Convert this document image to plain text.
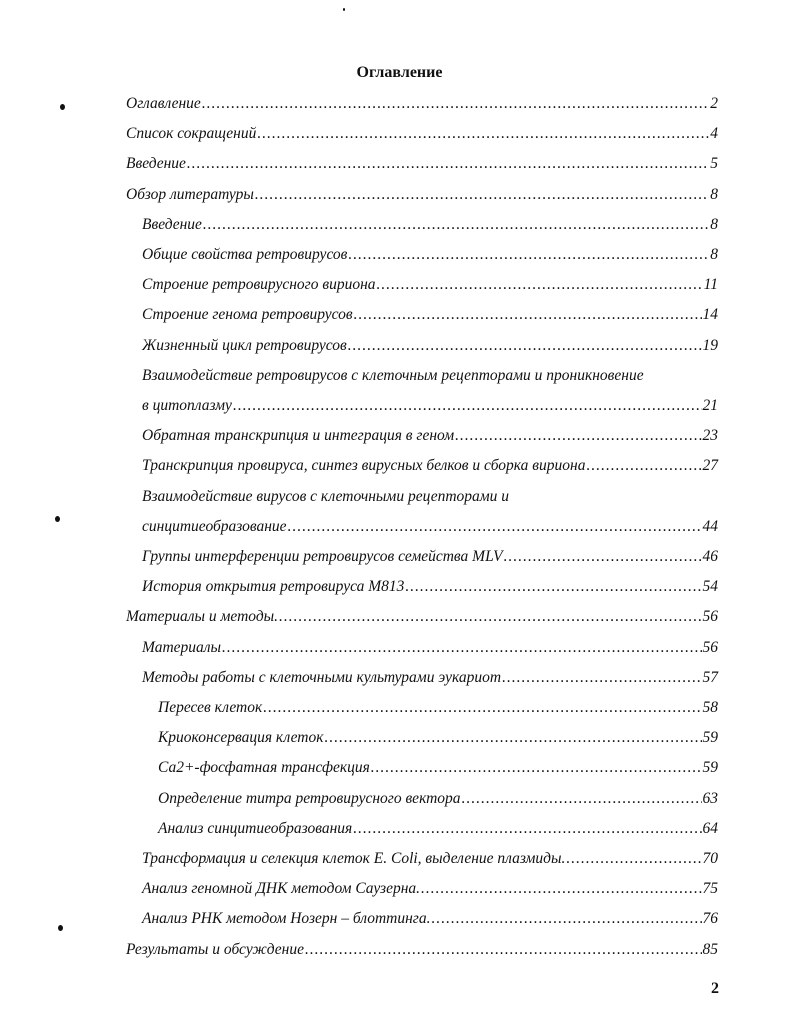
Оглавление
Оглавление .....	2
Список сокращений .....	4
Введение .....	5
Обзор литературы .....	8
Введение .....	8
Общие свойства ретровирусов .....	8
Строение ретровирусного вириона .....	11
Строение генома ретровирусов .....	14
Жизненный цикл ретровирусов .....	19
Взаимодействие ретровирусов с клеточным рецепторами и проникновение
в цитоплазму .....	21
Обратная транскрипция и интеграция в геном .....	23
Транскрипция провируса, синтез вирусных белков и сборка вириона .....	27
Взаимодействие вирусов с клеточными рецепторами и
синцитиеобразование .....	44
Группы интерференции ретровирусов семейства MLV .....	46
История открытия ретровируса М813 .....	54
Материалы и методы. .....	56
Материалы .....	56
Методы работы с клеточными культурами эукариот .....	57
Пересев клеток .....	58
Криоконсервация клеток .....	59
Са2+-фосфатная трансфекция .....	59
Определение титра ретровирусного вектора .....	63
Анализ синцитиеобразования .....	64
Трансформация и селекция клеток E. Coli, выделение плазмиды. .....	70
Анализ геномной ДНК методом Саузерна. .....	75
Анализ РНК методом Нозерн – блоттинга. .....	76
Результаты и обсуждение .....	85
2
